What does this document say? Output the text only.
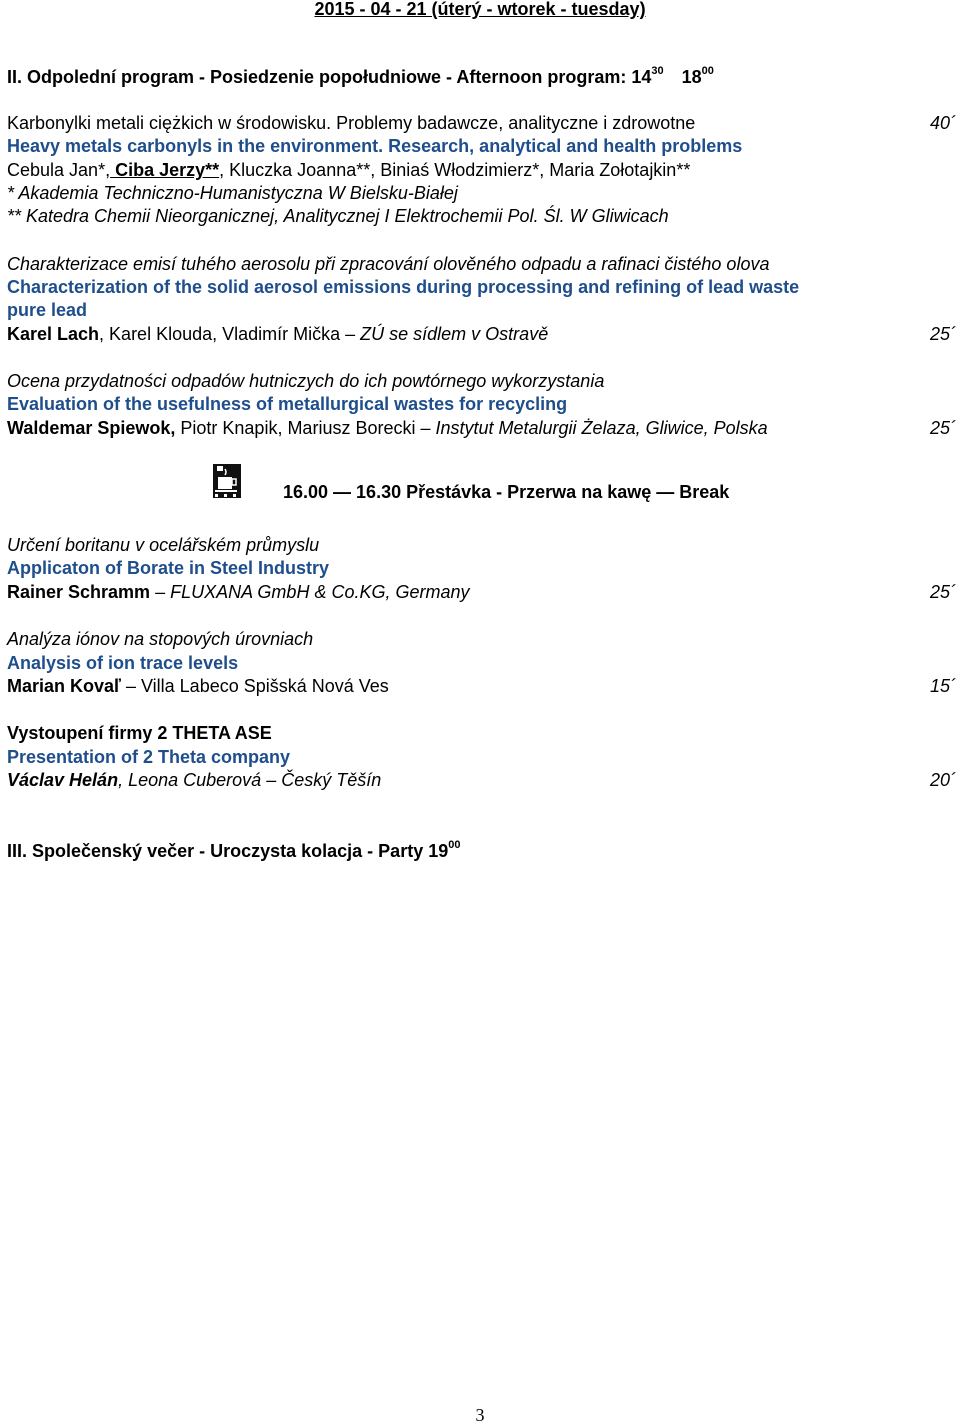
2015 - 04 - 21 (úterý - wtorek - tuesday)
II. Odpolední program - Posiedzenie popołudniowe - Afternoon program: $14^{30}$ $18^{00}$
Karbonylki metali ciężkich w środowisku. Problemy badawcze, analityczne i zdrowotne	40´
Heavy metals carbonyls in the environment. Research, analytical and health problems
Cebula Jan*, Ciba Jerzy**, Kluczka Joanna**, Biniaś Włodzimierz*, Maria Zołotajkin**
* Akademia Techniczno-Humanistyczna W Bielsku-Białej
** Katedra Chemii Nieorganicznej, Analitycznej I Elektrochemii Pol. Śl. W Gliwicach
Charakterizace emisí tuhého aerosolu při zpracování olověného odpadu a rafinaci čistého olova
Characterization of the solid aerosol emissions during processing and refining of lead waste
pure lead
Karel Lach, Karel Klouda, Vladimír Mička – ZÚ se sídlem v Ostravě	25´
Ocena przydatności odpadów hutniczych do ich powtórnego wykorzystania
Evaluation of the usefulness of metallurgical wastes for recycling
Waldemar Spiewok, Piotr Knapik, Mariusz Borecki – Instytut Metalurgii Żelaza, Gliwice, Polska	25´
16.00 — 16.30 Přestávka - Przerwa na kawę — Break
Určení boritanu v ocelářském průmyslu
Applicaton of Borate in Steel Industry
Rainer Schramm – FLUXANA GmbH & Co.KG, Germany	25´
Analýza iónov na stopových úrovniach
Analysis of ion trace levels
Marian Kovaľ – Villa Labeco Spišská Nová Ves	15´
Vystoupení firmy 2 THETA ASE
Presentation of 2 Theta company
Václav Helán, Leona Cuberová – Český Těšín	20´
III. Společenský večer - Uroczysta kolacja - Party $19^{00}$
3
